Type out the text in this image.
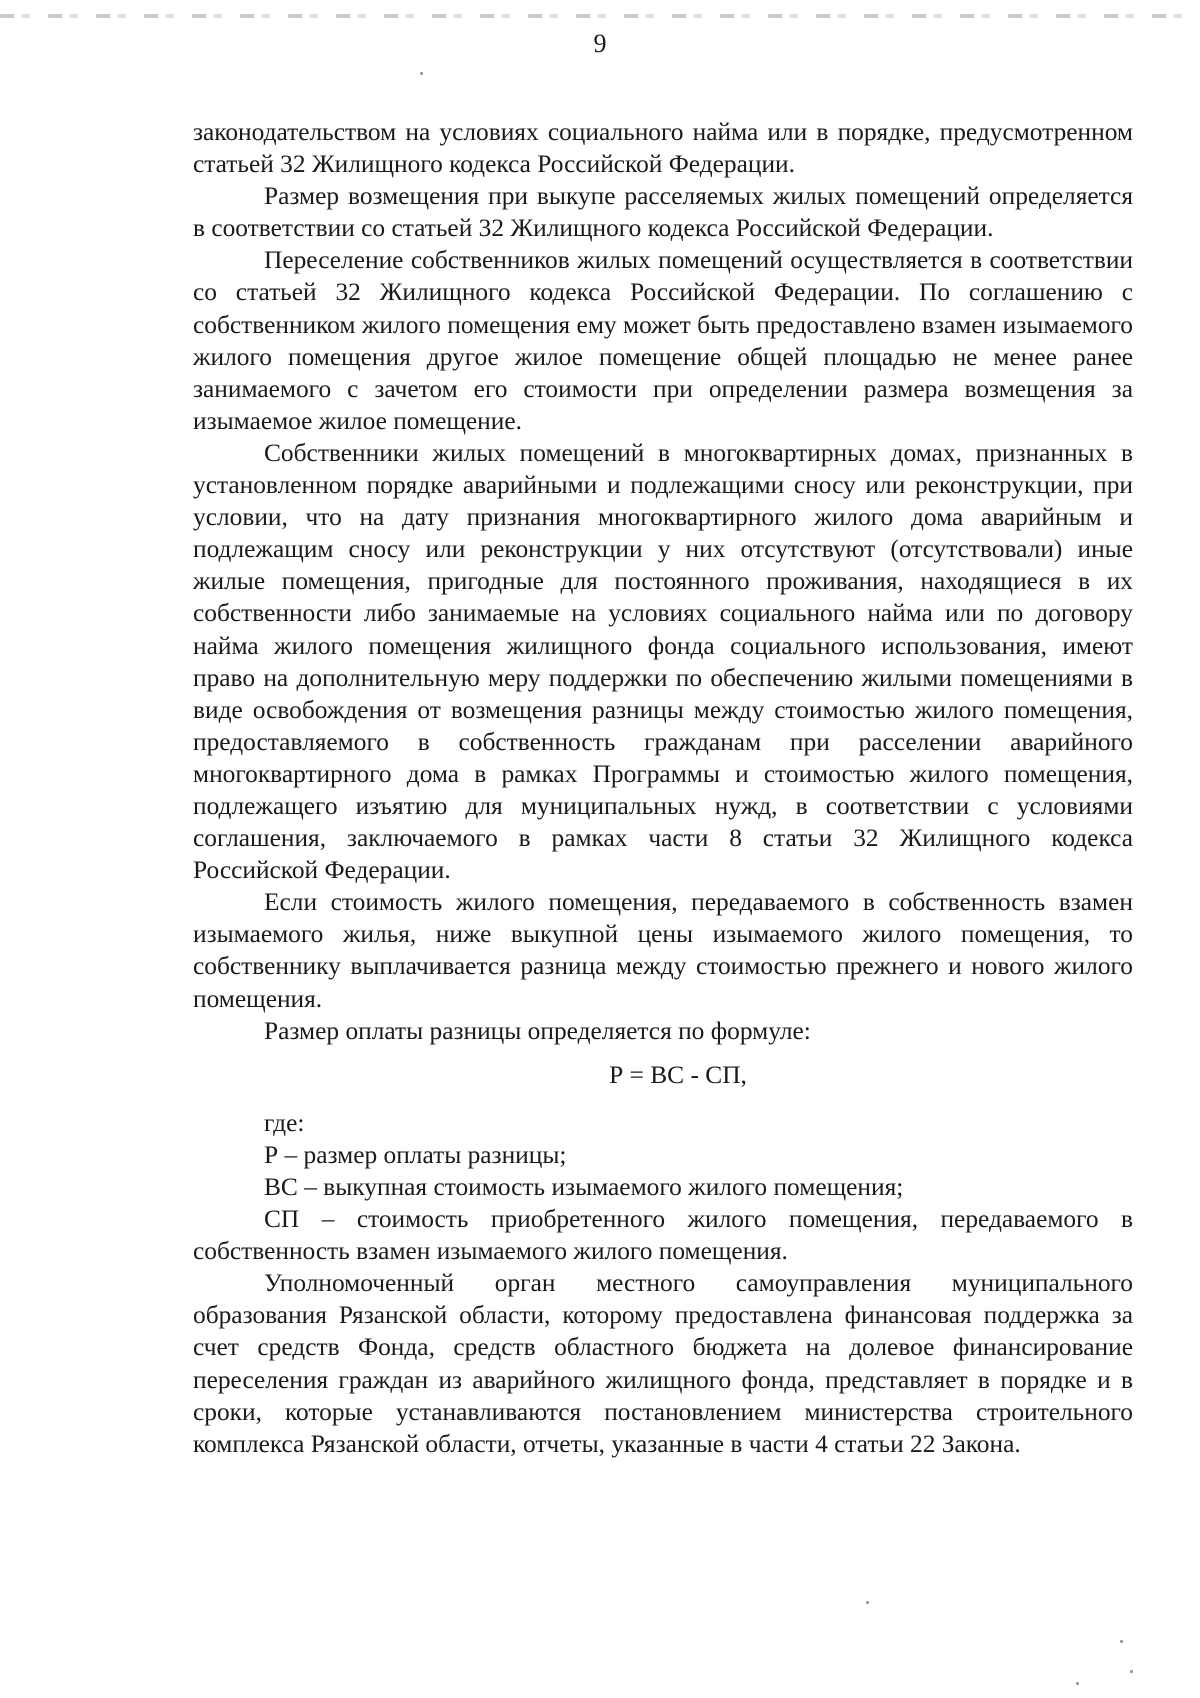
9

законодательством на условиях социального найма или в порядке, предусмотренном статьей 32 Жилищного кодекса Российской Федерации.

Размер возмещения при выкупе расселяемых жилых помещений определяется в соответствии со статьей 32 Жилищного кодекса Российской Федерации.

Переселение собственников жилых помещений осуществляется в соответствии со статьей 32 Жилищного кодекса Российской Федерации. По соглашению с собственником жилого помещения ему может быть предоставлено взамен изымаемого жилого помещения другое жилое помещение общей площадью не менее ранее занимаемого с зачетом его стоимости при определении размера возмещения за изымаемое жилое помещение.

Собственники жилых помещений в многоквартирных домах, признанных в установленном порядке аварийными и подлежащими сносу или реконструкции, при условии, что на дату признания многоквартирного жилого дома аварийным и подлежащим сносу или реконструкции у них отсутствуют (отсутствовали) иные жилые помещения, пригодные для постоянного проживания, находящиеся в их собственности либо занимаемые на условиях социального найма или по договору найма жилого помещения жилищного фонда социального использования, имеют право на дополнительную меру поддержки по обеспечению жилыми помещениями в виде освобождения от возмещения разницы между стоимостью жилого помещения, предоставляемого в собственность гражданам при расселении аварийного многоквартирного дома в рамках Программы и стоимостью жилого помещения, подлежащего изъятию для муниципальных нужд, в соответствии с условиями соглашения, заключаемого в рамках части 8 статьи 32 Жилищного кодекса Российской Федерации.

Если стоимость жилого помещения, передаваемого в собственность взамен изымаемого жилья, ниже выкупной цены изымаемого жилого помещения, то собственнику выплачивается разница между стоимостью прежнего и нового жилого помещения.

Размер оплаты разницы определяется по формуле:

Р = ВС - СП,

где:

Р – размер оплаты разницы;

ВС – выкупная стоимость изымаемого жилого помещения;

СП – стоимость приобретенного жилого помещения, передаваемого в собственность взамен изымаемого жилого помещения.

Уполномоченный орган местного самоуправления муниципального образования Рязанской области, которому предоставлена финансовая поддержка за счет средств Фонда, средств областного бюджета на долевое финансирование переселения граждан из аварийного жилищного фонда, представляет в порядке и в сроки, которые устанавливаются постановлением министерства строительного комплекса Рязанской области, отчеты, указанные в части 4 статьи 22 Закона.
